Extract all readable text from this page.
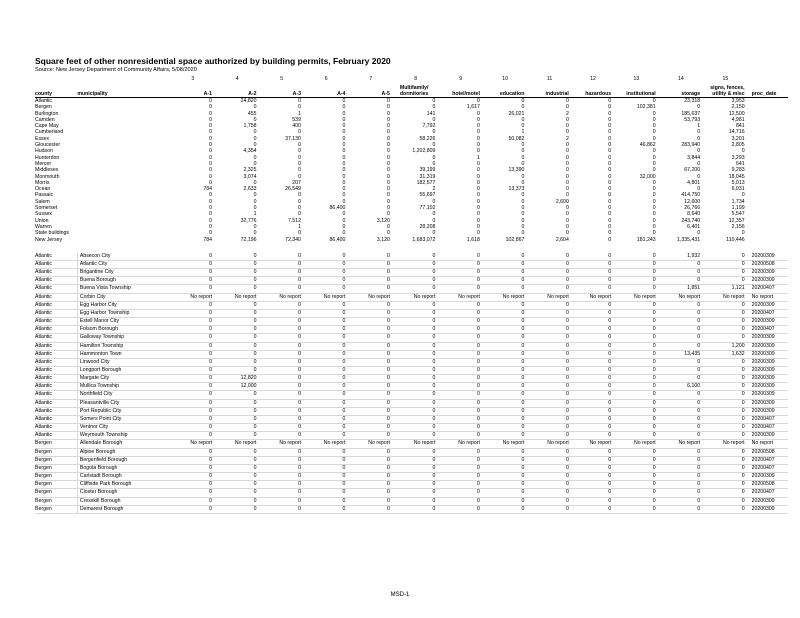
Square feet of other nonresidential space authorized by building permits, February 2020
Source: New Jersey Department of Community Affairs, 5/08/2020
		3	4	5	6	7	8	9	10	11	12	13	14	15	
county	municipality	A-1	A-2	A-3	A-4	A-5	Multifamily/ dormitories	hotel/motel	education	industrial	hazardous	institutional	storage	signs, fences, utility & misc	proc_date
Atlantic		0	24,820	0	0	0	0	0	0	0	0	0	23,318	3,953	
Bergen		0	0	0	0	0	0	1,617	0	0	0	102,381	0	2,150	
Burlington		0	455	1	0	0	141	0	26,021	2	0	0	185,637	12,500	
Camden		0	0	539	0	0	0	0	0	0	0	0	53,793	4,981	
Cape May		0	1,758	400	0	0	7,792	0	0	0	0	0	1	841	
Cumberland		0	0	0	0	0	0	0	1	0	0	0	0	14,716	
Essex		0	0	37,130	0	0	58,226	0	50,082	2	0	0	0	3,201	
Gloucester		0	0	0	0	0	0	0	0	0	0	46,862	283,940	2,805	
Hudson		0	4,354	0	0	0	1,202,809	0	0	0	0	0	0	0	
Hunterdon		0	0	0	0	0	0	1	0	0	0	0	3,844	3,293	
Mercer		0	0	0	0	0	0	0	0	0	0	0	0	641	
Middlesex		0	2,325	0	0	0	39,199	0	13,390	0	0	0	67,200	9,283	
Monmouth		0	3,074	0	0	0	31,319	0	0	0	0	32,000	0	18,045	
Morris		0	0	207	0	0	182,577	0	0	0	0	0	4,801	5,013	
Ocean		784	2,633	26,549	0	0	2	0	13,373	0	0	0	0	6,031	
Passaic		0	0	0	0	0	55,697	0	0	0	0	0	414,750	0	
Salem		0	0	0	0	0	0	0	0	2,600	0	0	12,600	1,734	
Somerset		0	0	0	86,400	0	77,102	0	0	0	0	0	26,766	1,199	
Sussex		0	1	0	0	0	0	0	0	0	0	0	8,640	5,547	
Union		0	32,776	7,512	0	3,120	0	0	0	0	0	0	243,740	12,357	
Warren		0	0	1	0	0	28,208	0	0	0	0	0	6,401	2,156	
State buildings		0	0	0	0	0	0	0	0	0	0	0	0	0	
New Jersey		784	72,196	72,340	86,400	3,120	1,683,072	1,618	102,867	2,604	0	181,243	1,335,431	110,446	

Atlantic	Absecon City	0	0	0	0	0	0	0	0	0	0	0	1,932	0	20200309
Atlantic	Atlantic City	0	0	0	0	0	0	0	0	0	0	0	0	0	20200508
Atlantic	Brigantine City	0	0	0	0	0	0	0	0	0	0	0	0	0	20200309
Atlantic	Buena Borough	0	0	0	0	0	0	0	0	0	0	0	0	0	20200309
Atlantic	Buena Vista Township	0	0	0	0	0	0	0	0	0	0	0	1,851	1,121	20200407
Atlantic	Corbin City	No report	No report	No report	No report	No report	No report	No report	No report	No report	No report	No report	No report	No report	No report
Atlantic	Egg Harbor City	0	0	0	0	0	0	0	0	0	0	0	0	0	20200309
Atlantic	Egg Harbor Township	0	0	0	0	0	0	0	0	0	0	0	0	0	20200407
Atlantic	Estell Manor City	0	0	0	0	0	0	0	0	0	0	0	0	0	20200309
Atlantic	Folsom Borough	0	0	0	0	0	0	0	0	0	0	0	0	0	20200407
Atlantic	Galloway Township	0	0	0	0	0	0	0	0	0	0	0	0	0	20200309
Atlantic	Hamilton Township	0	0	0	0	0	0	0	0	0	0	0	0	1,200	20200309
Atlantic	Hammonton Town	0	0	0	0	0	0	0	0	0	0	0	13,435	1,632	20200309
Atlantic	Linwood City	0	0	0	0	0	0	0	0	0	0	0	0	0	20200309
Atlantic	Longport Borough	0	0	0	0	0	0	0	0	0	0	0	0	0	20200309
Atlantic	Margate City	0	12,820	0	0	0	0	0	0	0	0	0	0	0	20200309
Atlantic	Mullica Township	0	12,000	0	0	0	0	0	0	0	0	0	6,100	0	20200309
Atlantic	Northfield City	0	0	0	0	0	0	0	0	0	0	0	0	0	20200309
Atlantic	Pleasantville City	0	0	0	0	0	0	0	0	0	0	0	0	0	20200309
Atlantic	Port Republic City	0	0	0	0	0	0	0	0	0	0	0	0	0	20200309
Atlantic	Somers Point City	0	0	0	0	0	0	0	0	0	0	0	0	0	20200407
Atlantic	Ventnor City	0	0	0	0	0	0	0	0	0	0	0	0	0	20200407
Atlantic	Weymouth Township	0	0	0	0	0	0	0	0	0	0	0	0	0	20200309
Bergen	Allendale Borough	No report	No report	No report	No report	No report	No report	No report	No report	No report	No report	No report	No report	No report	No report
Bergen	Alpine Borough	0	0	0	0	0	0	0	0	0	0	0	0	0	20200508
Bergen	Bergenfield Borough	0	0	0	0	0	0	0	0	0	0	0	0	0	20200407
Bergen	Bogota Borough	0	0	0	0	0	0	0	0	0	0	0	0	0	20200407
Bergen	Carlstadt Borough	0	0	0	0	0	0	0	0	0	0	0	0	0	20200309
Bergen	Cliffside Park Borough	0	0	0	0	0	0	0	0	0	0	0	0	0	20200508
Bergen	Closter Borough	0	0	0	0	0	0	0	0	0	0	0	0	0	20200407
Bergen	Cresskill Borough	0	0	0	0	0	0	0	0	0	0	0	0	0	20200309
Bergen	Demarest Borough	0	0	0	0	0	0	0	0	0	0	0	0	0	20200309
MSD-1
